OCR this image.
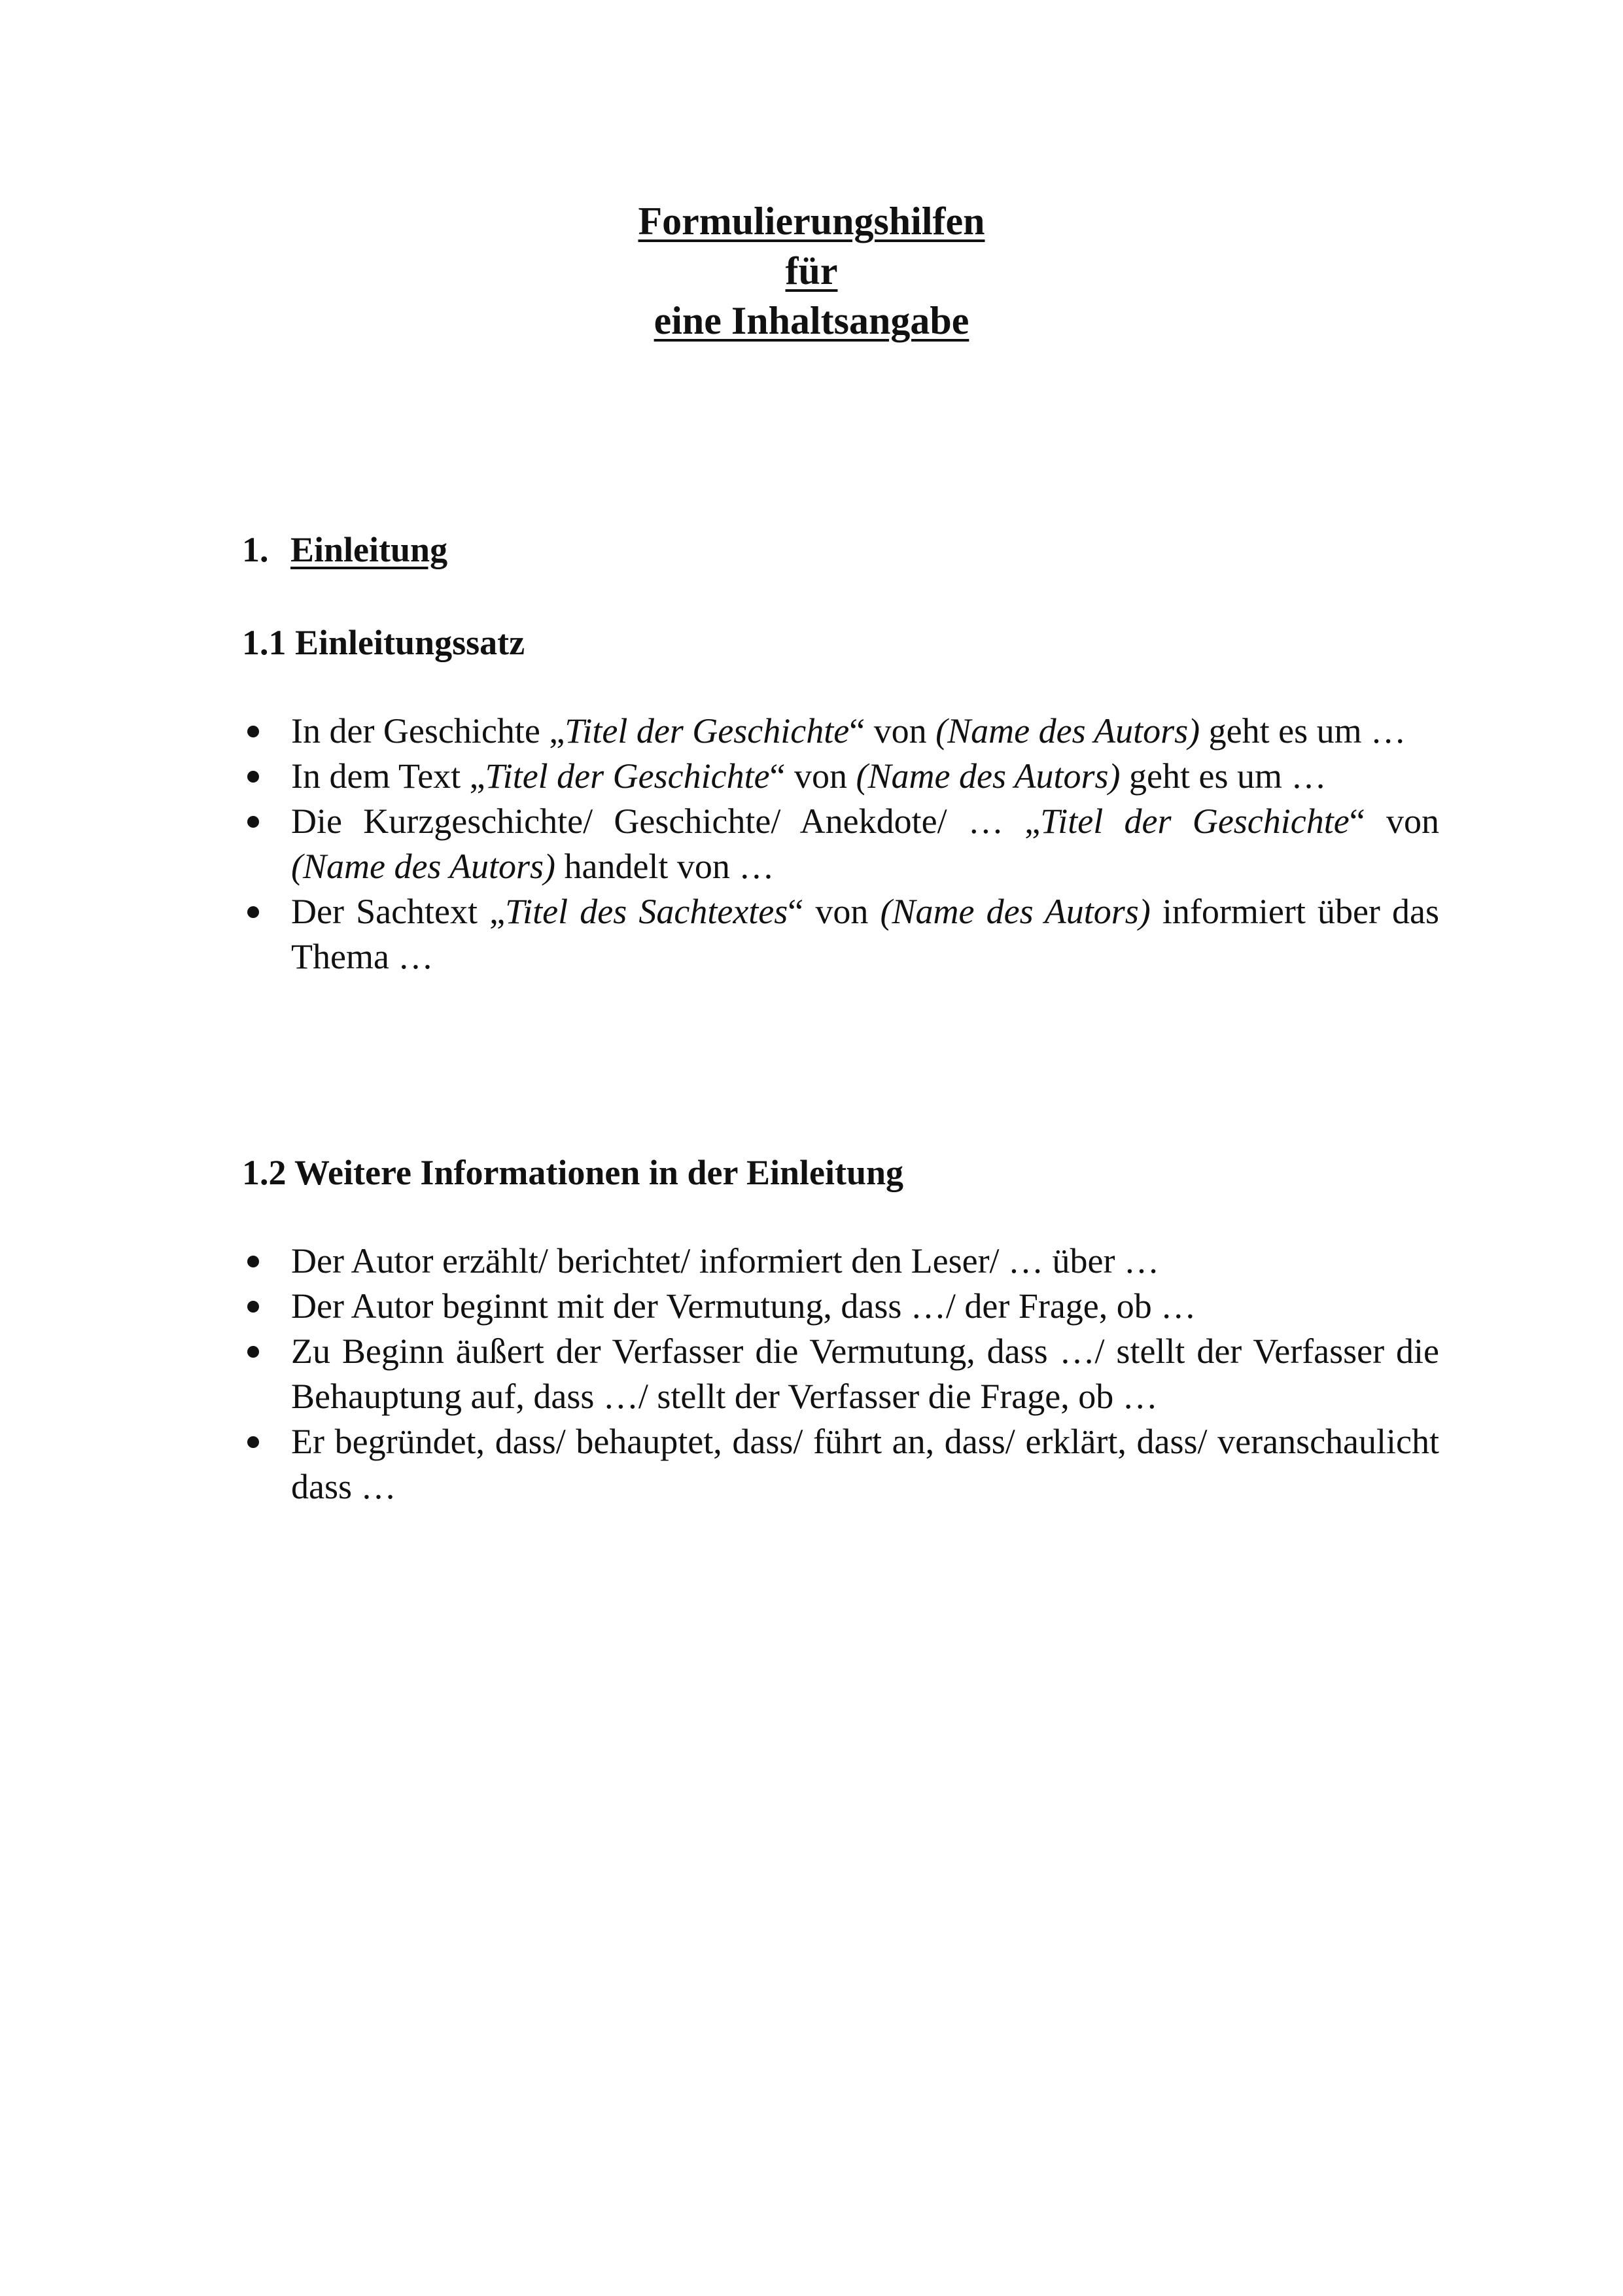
Formulierungshilfen
für
eine Inhaltsangabe
1. Einleitung
1.1 Einleitungssatz
In der Geschichte „Titel der Geschichte“ von (Name des Autors) geht es um …
In dem Text „Titel der Geschichte“ von (Name des Autors) geht es um …
Die Kurzgeschichte/ Geschichte/ Anekdote/ … „Titel der Geschichte“ von (Name des Autors) handelt von …
Der Sachtext „Titel des Sachtextes“ von (Name des Autors) informiert über das Thema …
1.2 Weitere Informationen in der Einleitung
Der Autor erzählt/ berichtet/ informiert den Leser/ … über …
Der Autor beginnt mit der Vermutung, dass …/ der Frage, ob …
Zu Beginn äußert der Verfasser die Vermutung, dass …/ stellt der Verfasser die Behauptung auf, dass …/ stellt der Verfasser die Frage, ob …
Er begründet, dass/ behauptet, dass/ führt an, dass/ erklärt, dass/ veranschaulicht dass …
